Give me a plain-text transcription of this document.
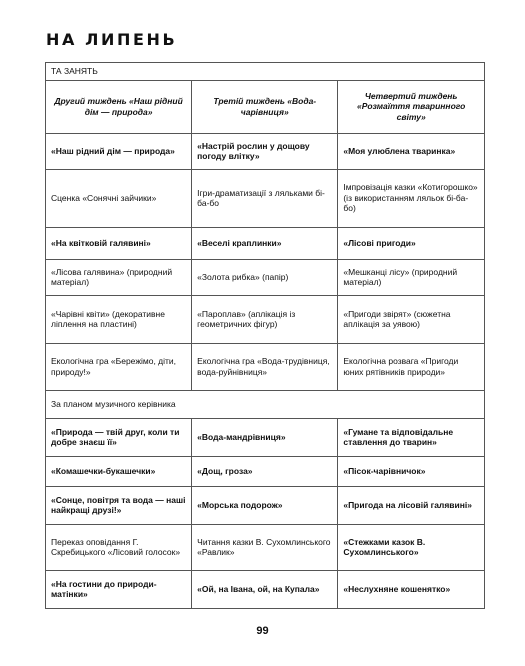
НА ЛИПЕНЬ
ТА ЗАНЯТЬ		
Другий тиждень «Наш рідний дім — природа»	Третій тиждень «Вода-чарівниця»	Четвертий тиждень «Розмаїття тваринного світу»
«Наш рідний дім — природа»	«Настрій рослин у дощову погоду влітку»	«Моя улюблена тваринка»
Сценка «Сонячні зайчики»	Ігри-драматизації з ляльками бі-ба-бо	Імпровізація казки «Котигорошко» (із використанням ляльок бі-ба-бо)
«На квітковій галявині»	«Веселі краплинки»	«Лісові пригоди»
«Лісова галявина» (природний матеріал)	«Золота рибка» (папір)	«Мешканці лісу» (природний матеріал)
«Чарівні квіти» (декоративне ліплення на пластині)	«Пароплав» (аплікація із геометричних фігур)	«Пригоди звірят» (сюжетна аплікація за уявою)
Екологічна гра «Бережімо, діти, природу!»	Екологічна гра «Вода-трудівниця, вода-руйнівниця»	Екологічна розвага «Пригоди юних рятівників природи»
За планом музичного керівника		
«Природа — твій друг, коли ти добре знаєш її»	«Вода-мандрівниця»	«Гумане та відповідальне ставлення до тварин»
«Комашечки-букашечки»	«Дощ, гроза»	«Пісок-чарівничок»
«Сонце, повітря та вода — наші найкращі друзі!»	«Морська подорож»	«Пригода на лісовій галявині»
Переказ оповідання Г. Скребицького «Лісовий голосок»	Читання казки В. Сухомлинського «Равлик»	«Стежками казок В. Сухомлинського»
«На гостини до природи-матінки»	«Ой, на Івана, ой, на Купала»	«Неслухняне кошенятко»
99
